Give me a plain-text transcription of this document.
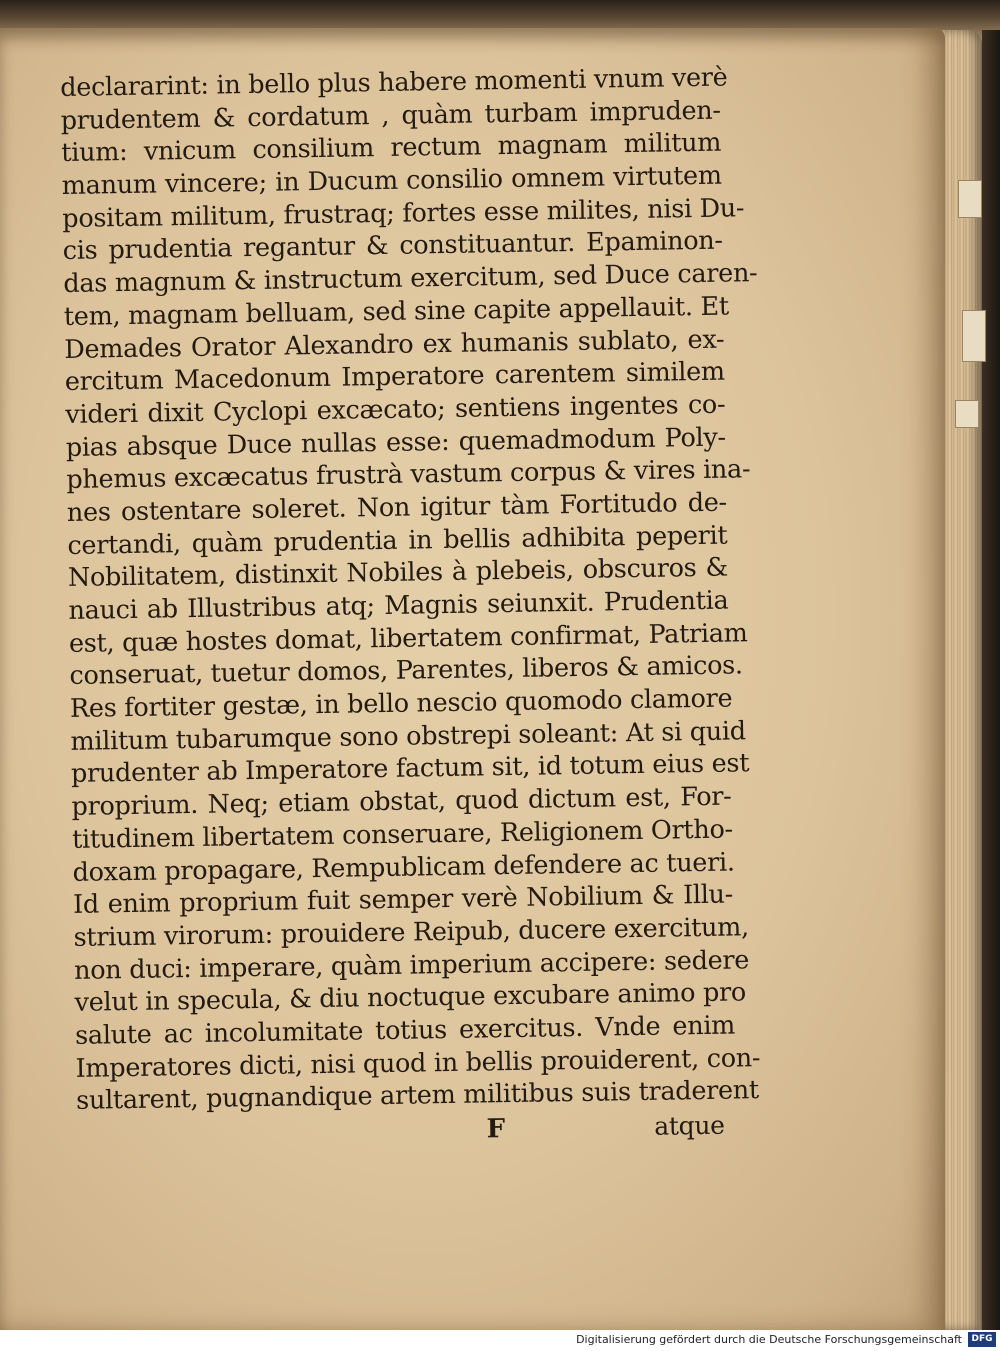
declararint: in bello plus habere momenti vnum verè
prudentem & cordatum , quàm turbam impruden-
tium: vnicum consilium rectum magnam militum
manum vincere; in Ducum consilio omnem virtutem
positam militum, frustraq; fortes esse milites, nisi Du-
cis prudentia regantur & constituantur. Epaminon-
das magnum & instructum exercitum, sed Duce caren-
tem, magnam belluam, sed sine capite appellauit. Et
Demades Orator Alexandro ex humanis sublato, ex-
ercitum Macedonum Imperatore carentem similem
videri dixit Cyclopi excæcato; sentiens ingentes co-
pias absque Duce nullas esse: quemadmodum Poly-
phemus excæcatus frustrà vastum corpus & vires ina-
nes ostentare soleret. Non igitur tàm Fortitudo de-
certandi, quàm prudentia in bellis adhibita peperit
Nobilitatem, distinxit Nobiles à plebeis, obscuros &
nauci ab Illustribus atq; Magnis seiunxit. Prudentia
est, quæ hostes domat, libertatem confirmat, Patriam
conseruat, tuetur domos, Parentes, liberos & amicos.
Res fortiter gestæ, in bello nescio quomodo clamore
militum tubarumque sono obstrepi soleant: At si quid
prudenter ab Imperatore factum sit, id totum eius est
proprium. Neq; etiam obstat, quod dictum est, For-
titudinem libertatem conseruare, Religionem Ortho-
doxam propagare, Rempublicam defendere ac tueri.
Id enim proprium fuit semper verè Nobilium & Illu-
strium virorum: prouidere Reipub, ducere exercitum,
non duci: imperare, quàm imperium accipere: sedere
velut in specula, & diu noctuque excubare animo pro
salute ac incolumitate totius exercitus. Vnde enim
Imperatores dicti, nisi quod in bellis prouiderent, con-
sultarent, pugnandique artem militibus suis traderent
F	atque
Digitalisierung gefördert durch die Deutsche Forschungsgemeinschaft	DFG
